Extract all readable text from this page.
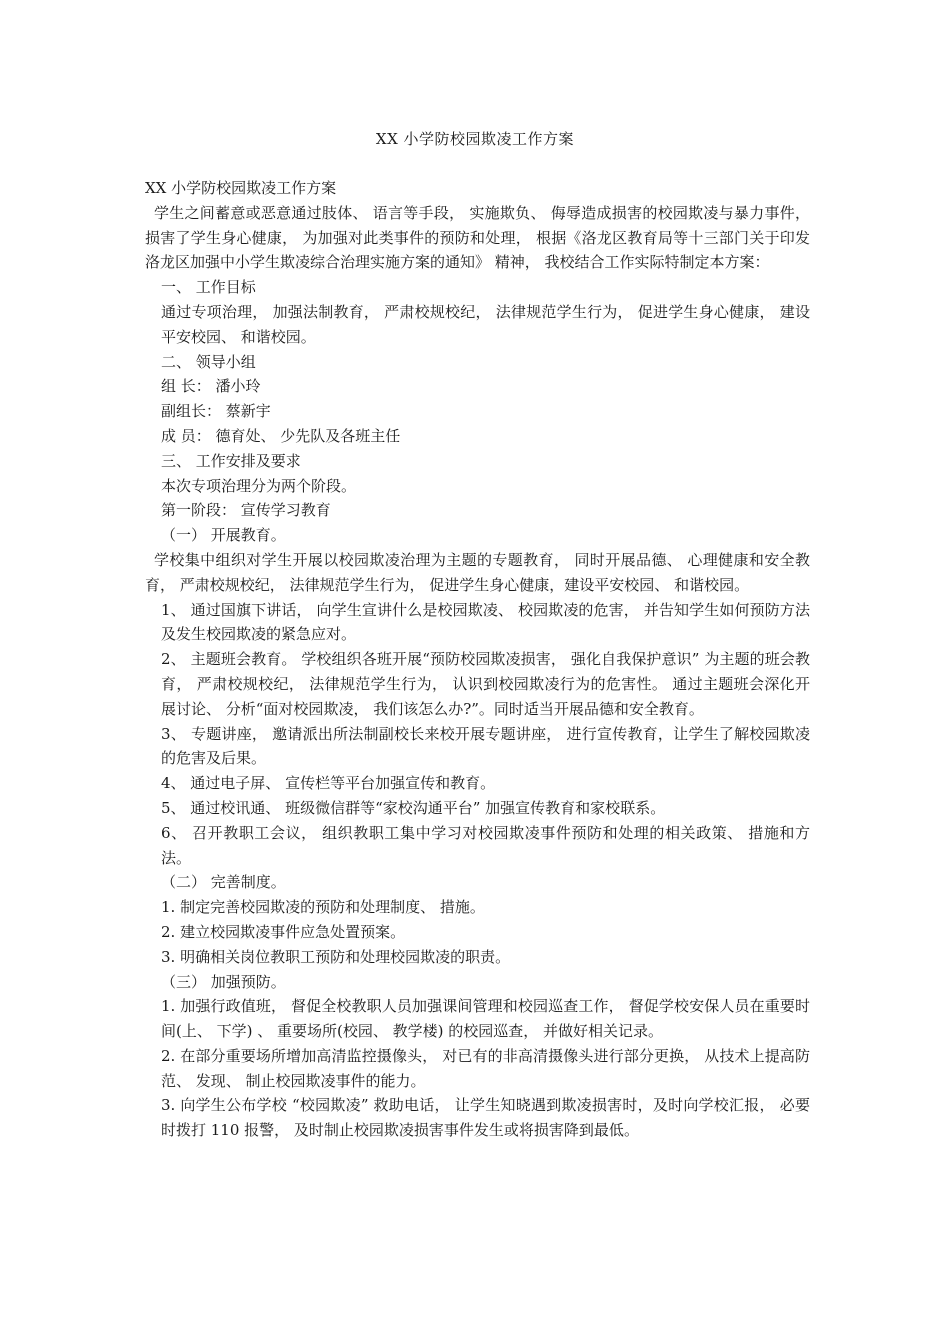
XX 小学防校园欺凌工作方案

XX 小学防校园欺凌工作方案

学生之间蓄意或恶意通过肢体、 语言等手段， 实施欺负、 侮辱造成损害的校园欺凌与暴力事件， 损害了学生身心健康， 为加强对此类事件的预防和处理， 根据《洛龙区教育局等十三部门关于印发洛龙区加强中小学生欺凌综合治理实施方案的通知》 精神， 我校结合工作实际特制定本方案：

一、 工作目标

通过专项治理， 加强法制教育， 严肃校规校纪， 法律规范学生行为， 促进学生身心健康， 建设平安校园、 和谐校园。

二、 领导小组

组 长： 潘小玲

副组长： 蔡新宇

成 员： 德育处、 少先队及各班主任

三、 工作安排及要求

本次专项治理分为两个阶段。

第一阶段： 宣传学习教育

（一） 开展教育。

学校集中组织对学生开展以校园欺凌治理为主题的专题教育， 同时开展品德、 心理健康和安全教育， 严肃校规校纪， 法律规范学生行为， 促进学生身心健康，建设平安校园、 和谐校园。

1、 通过国旗下讲话， 向学生宣讲什么是校园欺凌、 校园欺凌的危害， 并告知学生如何预防方法及发生校园欺凌的紧急应对。

2、 主题班会教育。 学校组织各班开展“预防校园欺凌损害， 强化自我保护意识” 为主题的班会教育， 严肃校规校纪， 法律规范学生行为， 认识到校园欺凌行为的危害性。 通过主题班会深化开展讨论、 分析“面对校园欺凌， 我们该怎么办?”。同时适当开展品德和安全教育。

3、 专题讲座， 邀请派出所法制副校长来校开展专题讲座， 进行宣传教育，让学生了解校园欺凌的危害及后果。

4、 通过电子屏、 宣传栏等平台加强宣传和教育。

5、 通过校讯通、 班级微信群等“家校沟通平台” 加强宣传教育和家校联系。

6、 召开教职工会议， 组织教职工集中学习对校园欺凌事件预防和处理的相关政策、 措施和方法。

（二） 完善制度。

1. 制定完善校园欺凌的预防和处理制度、 措施。

2. 建立校园欺凌事件应急处置预案。

3. 明确相关岗位教职工预防和处理校园欺凌的职责。

（三） 加强预防。

1. 加强行政值班， 督促全校教职人员加强课间管理和校园巡查工作， 督促学校安保人员在重要时间(上、 下学) 、 重要场所(校园、 教学楼) 的校园巡查， 并做好相关记录。

2. 在部分重要场所增加高清监控摄像头， 对已有的非高清摄像头进行部分更换， 从技术上提高防范、 发现、 制止校园欺凌事件的能力。

3. 向学生公布学校 “校园欺凌” 救助电话， 让学生知晓遇到欺凌损害时，及时向学校汇报， 必要时拨打 110 报警， 及时制止校园欺凌损害事件发生或将损害降到最低。
